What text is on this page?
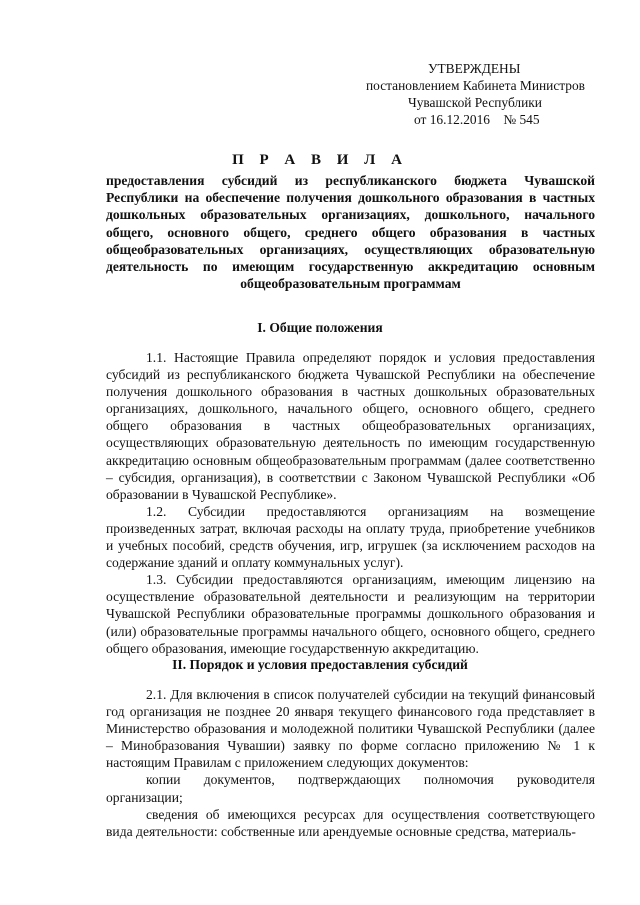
УТВЕРЖДЕНЫ
постановлением Кабинета Министров
Чувашской Республики
от 16.12.2016    № 545
П Р А В И Л А
предоставления субсидий из республиканского бюджета Чувашской Республики на обеспечение получения дошкольного образования в частных дошкольных образовательных организациях, дошкольного, начального общего, основного общего, среднего общего образования в частных общеобразовательных организациях, осуществляющих образовательную деятельность по имеющим государственную аккредитацию основным общеобразовательным программам
I. Общие положения

1.1. Настоящие Правила определяют порядок и условия предоставления субсидий из республиканского бюджета Чувашской Республики на обеспечение получения дошкольного образования в частных дошкольных образовательных организациях, дошкольного, начального общего, основного общего, среднего общего образования в частных общеобразовательных организациях, осуществляющих образовательную деятельность по имеющим государственную аккредитацию основным общеобразовательным программам (далее соответственно – субсидия, организация), в соответствии с Законом Чувашской Республики «Об образовании в Чувашской Республике».

1.2. Субсидии предоставляются организациям на возмещение произведенных затрат, включая расходы на оплату труда, приобретение учебников и учебных пособий, средств обучения, игр, игрушек (за исключением расходов на содержание зданий и оплату коммунальных услуг).

1.3. Субсидии предоставляются организациям, имеющим лицензию на осуществление образовательной деятельности и реализующим на территории Чувашской Республики образовательные программы дошкольного образования и (или) образовательные программы начального общего, основного общего, среднего общего образования, имеющие государственную аккредитацию.

II. Порядок и условия предоставления субсидий

2.1. Для включения в список получателей субсидии на текущий финансовый год организация не позднее 20 января текущего финансового года представляет в Министерство образования и молодежной политики Чувашской Республики (далее – Минобразования Чувашии) заявку по форме согласно приложению № 1 к настоящим Правилам с приложением следующих документов:

копии документов, подтверждающих полномочия руководителя организации;

сведения об имеющихся ресурсах для осуществления соответствующего вида деятельности: собственные или арендуемые основные средства, материаль-
